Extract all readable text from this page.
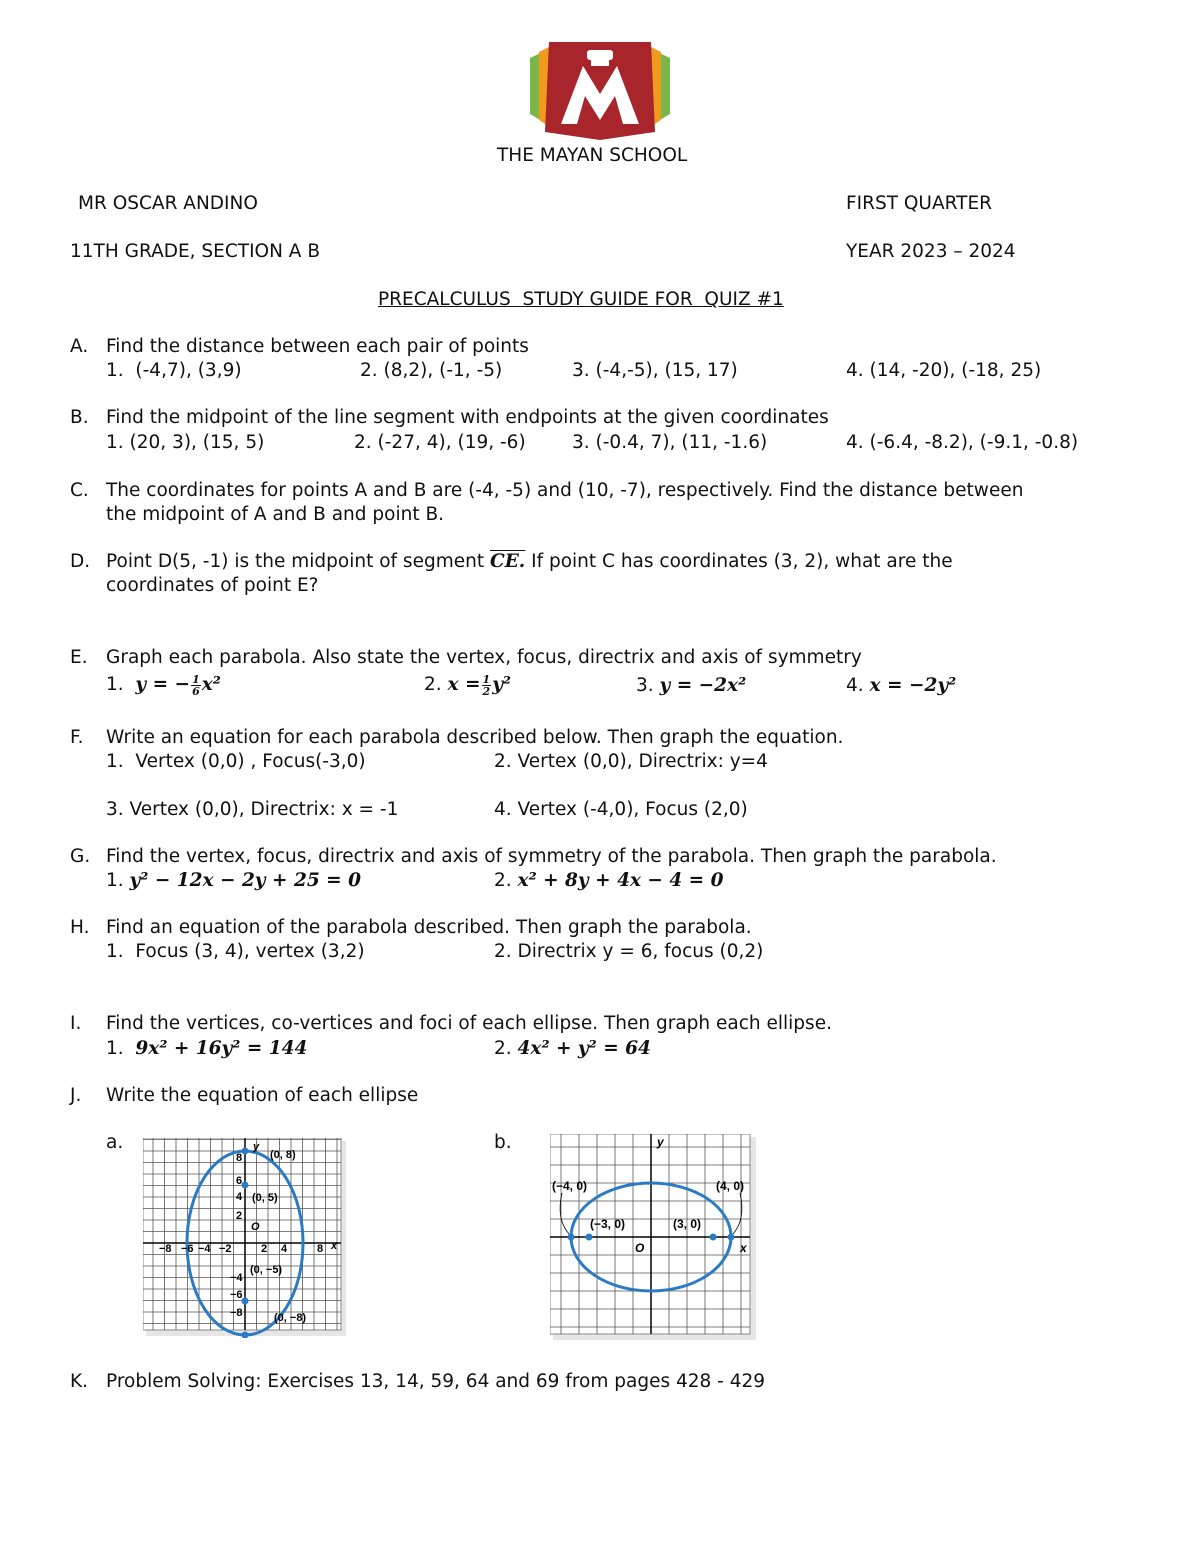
THE MAYAN SCHOOL
MR OSCAR ANDINO	FIRST QUARTER
11TH GRADE, SECTION A B	YEAR 2023 – 2024
PRECALCULUS  STUDY GUIDE FOR  QUIZ #1
A. Find the distance between each pair of points
1.  (-4,7), (3,9)	2. (8,2), (-1, -5)	3. (-4,-5), (15, 17)	4. (14, -20), (-18, 25)
B. Find the midpoint of the line segment with endpoints at the given coordinates
1. (20, 3), (15, 5)	2. (-27, 4), (19, -6)	3. (-0.4, 7), (11, -1.6)	4. (-6.4, -8.2), (-9.1, -0.8)
C. The coordinates for points A and B are (-4, -5) and (10, -7), respectively. Find the distance between
the midpoint of A and B and point B.
D. Point D(5, -1) is the midpoint of segment CE. If point C has coordinates (3, 2), what are the
coordinates of point E?
E. Graph each parabola. Also state the vertex, focus, directrix and axis of symmetry
1. y = − $\frac{1}{6} x^2$	2. $x = \frac{1}{2} y^2$	3. y = −2x²	4. x = −2y²
F. Write an equation for each parabola described below. Then graph the equation.
1.  Vertex (0,0) , Focus(-3,0)	2. Vertex (0,0), Directrix: y=4
3. Vertex (0,0), Directrix: x = -1	4. Vertex (-4,0), Focus (2,0)
G. Find the vertex, focus, directrix and axis of symmetry of the parabola. Then graph the parabola.
1. y² − 12x − 2y + 25 = 0	2. x² + 8y + 4x − 4 = 0
H. Find an equation of the parabola described. Then graph the parabola.
1.  Focus (3, 4), vertex (3,2)	2. Directrix y = 6, focus (0,2)
I. Find the vertices, co-vertices and foci of each ellipse. Then graph each ellipse.
1. 9x² + 16y² = 144	2. 4x² + y² = 64
J. Write the equation of each ellipse
a.	b.
y
x
O
(0, 8)
(0, 5)
(0, −5)
(0, −8)
−8 −6 −4 −2	2 4	8
8
6
4
2
−4
−6
−8
y
x
O
(−4, 0)	(4, 0)
(−3, 0)	(3, 0)
K. Problem Solving: Exercises 13, 14, 59, 64 and 69 from pages 428 - 429
